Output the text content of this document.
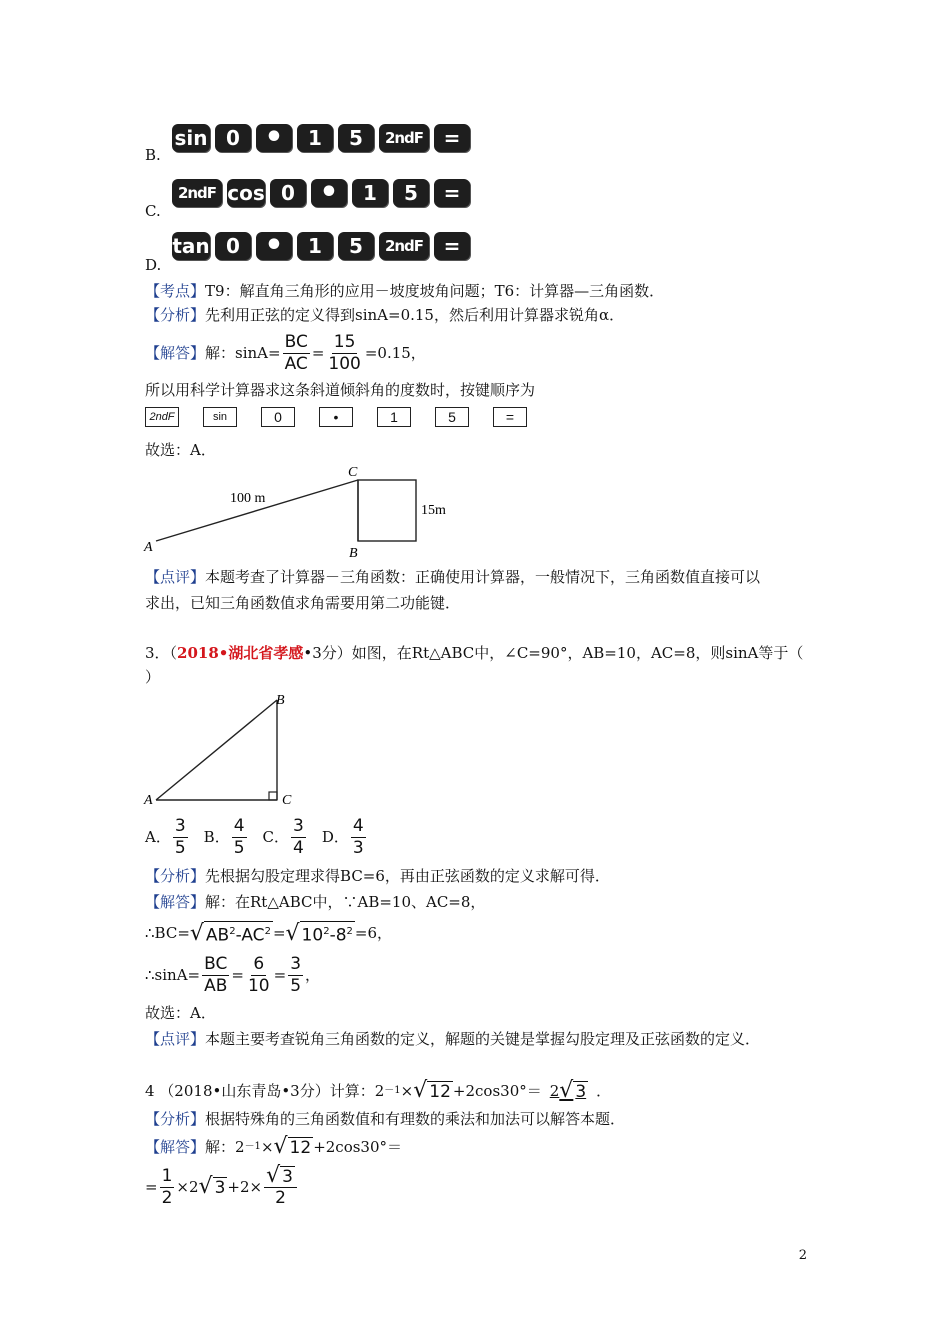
B.
sin 0 •	1	5	2ndF	=
C.
2ndF cos 0 •	1	5	=
D.
tan 0 •	1	5	2ndF	=
【考点】T9：解直角三角形的应用－坡度坡角问题；T6：计算器—三角函数．
【分析】先利用正弦的定义得到sinA=0.15，然后利用计算器求锐角α．
【解答】 解：$\sin A= \frac{BC}{AC} = \frac{15}{100} =0.15$，
所以用科学计算器求这条斜道倾斜角的度数时，按键顺序为
2ndF	sin	0	•	1	5	=
故选：A．
A	B
C
100 m
15m
【点评】本题考查了计算器－三角函数：正确使用计算器，一般情况下，三角函数值直接可以
求出，已知三角函数值求角需要用第二功能键．
3．（2018•湖北省孝感•3分）如图，在Rt△ABC中，∠C=90°，AB=10，AC=8，则sinA等于（
）
A
B
C
A． $\frac{3}{5}$ B． $\frac{4}{5}$ C． $\frac{3}{4}$ D． $\frac{4}{3}$
【分析】先根据勾股定理求得BC=6，再由正弦函数的定义求解可得．
【解答】解：在Rt△ABC中，∵AB=10、AC=8，
∴BC= √ $AB^2-AC^2$ = √ $10^2-8^2 =6$，
∴sinA= $\frac{BC}{AB} = \frac{6}{10} = \frac{3}{5}$ ，
故选：A．
【点评】本题主要考查锐角三角函数的定义，解题的关键是掌握勾股定理及正弦函数的定义．
4 （2018•山东青岛•3分）计算：2 －1 × √ 12 +2cos30°＝ 2 √ 3 ．
【分析】根据特殊角的三角函数值和有理数的乘法和加法可以解答本题．
【解答】 解：2 －1 × √ 12 +2cos30°＝
= $\frac{1}{2} \times 2$ √ $3 +2\times \frac{√ 3}{2}$
2
